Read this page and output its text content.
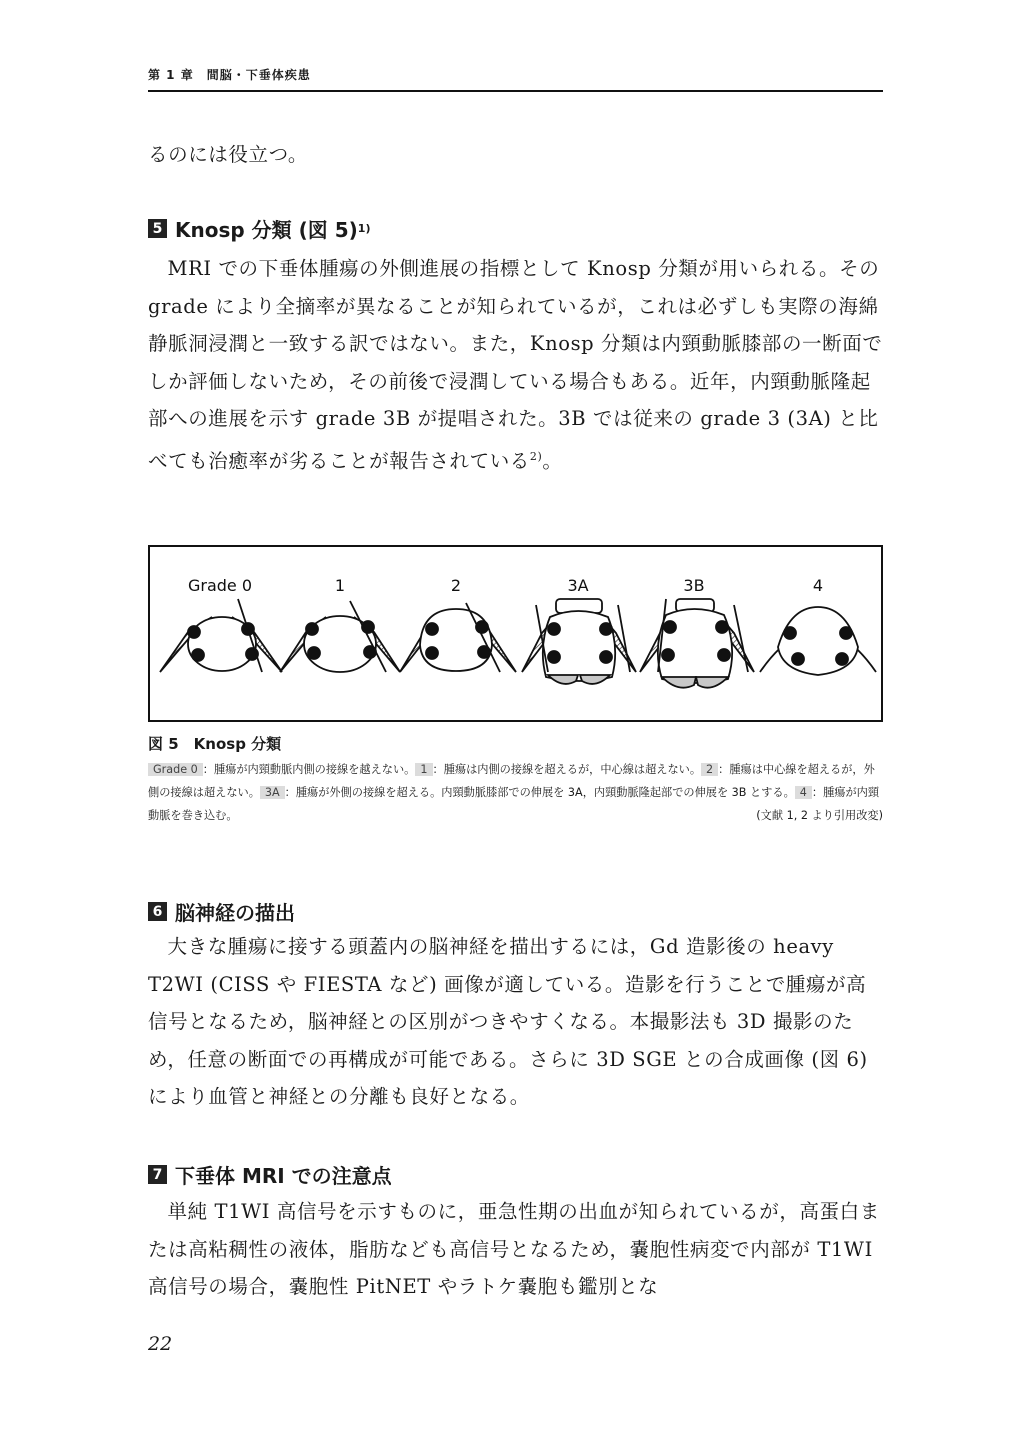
第 1 章　間脳・下垂体疾患
るのには役立つ。
5 Knosp 分類 (図 5) 1)
MRI での下垂体腫瘍の外側進展の指標として Knosp 分類が用いられる。その grade により全摘率が異なることが知られているが，これは必ずしも実際の海綿静脈洞浸潤と一致する訳ではない。また，Knosp 分類は内頸動脈膝部の一断面でしか評価しないため，その前後で浸潤している場合もある。近年，内頸動脈隆起部への進展を示す grade 3B が提唱された。3B では従来の grade 3 (3A) と比べても治癒率が劣ることが報告されている$^{2)}$。
Grade 0	1	2	3A	3B	4
図 5　Knosp 分類
Grade 0 ：腫瘍が内頸動脈内側の接線を越えない。 1 ：腫瘍は内側の接線を超えるが，中心線は超えない。 2 ：腫瘍は中心線を超えるが，外側の接線は超えない。 3A ：腫瘍が外側の接線を超える。内頸動脈膝部での伸展を 3A，内頸動脈隆起部での伸展を 3B とする。 4 ：腫瘍が内頸動脈を巻き込む。	(文献 1, 2 より引用改変)
6 脳神経の描出
大きな腫瘍に接する頭蓋内の脳神経を描出するには，Gd 造影後の heavy T2WI (CISS や FIESTA など) 画像が適している。造影を行うことで腫瘍が高信号となるため，脳神経との区別がつきやすくなる。本撮影法も 3D 撮影のため，任意の断面での再構成が可能である。さらに 3D SGE との合成画像 (図 6) により血管と神経との分離も良好となる。
7 下垂体 MRI での注意点
単純 T1WI 高信号を示すものに，亜急性期の出血が知られているが，高蛋白または高粘稠性の液体，脂肪なども高信号となるため，嚢胞性病変で内部が T1WI 高信号の場合，嚢胞性 PitNET やラトケ嚢胞も鑑別とな
22
